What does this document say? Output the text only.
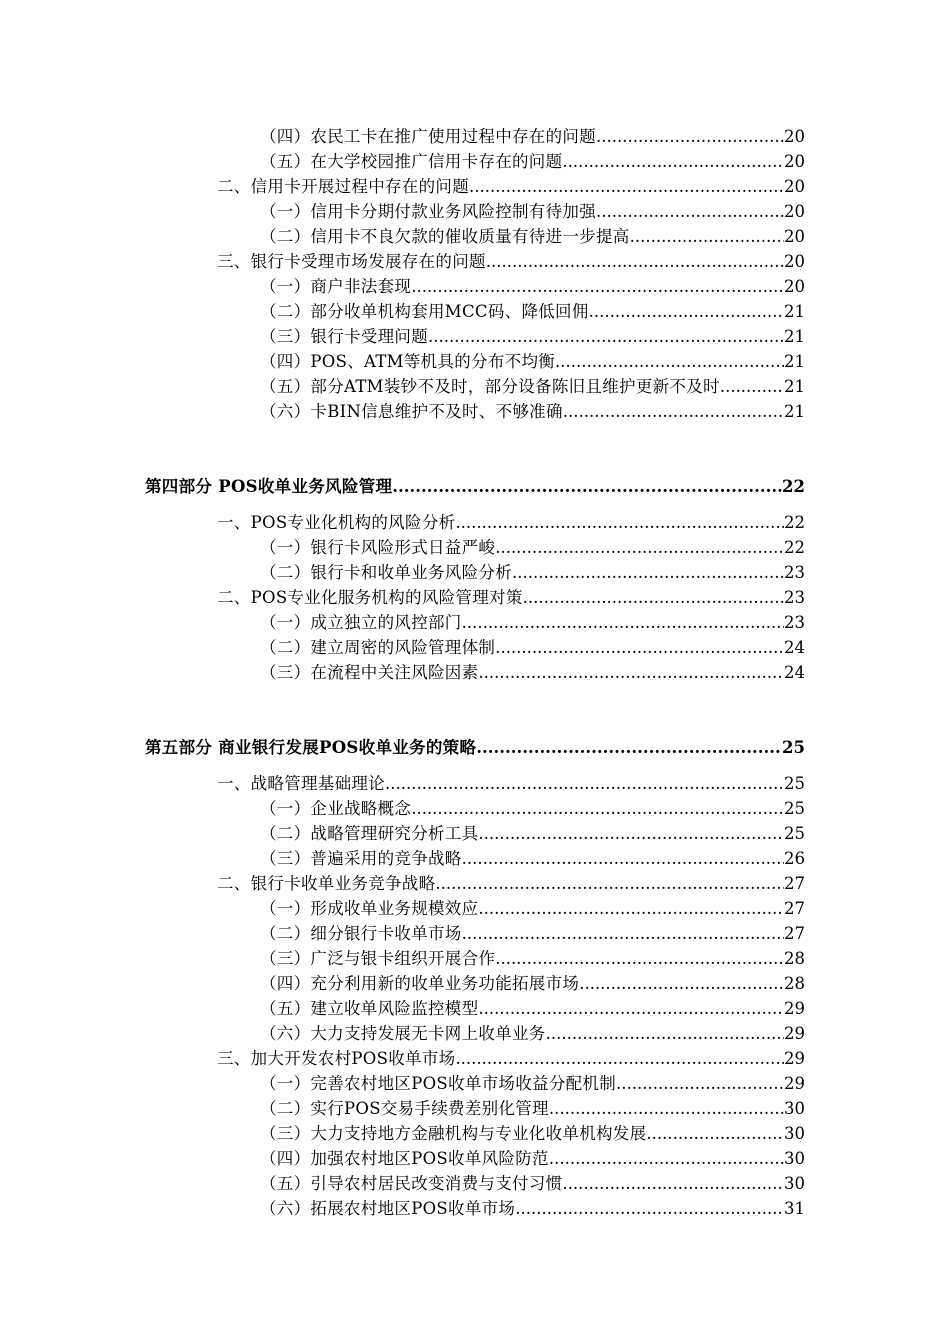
（四）农民工卡在推广使用过程中存在的问题 .....	20
（五）在大学校园推广信用卡存在的问题 .....	20
二、信用卡开展过程中存在的问题 .....	20
（一）信用卡分期付款业务风险控制有待加强 .....	20
（二）信用卡不良欠款的催收质量有待进一步提高 .....	20
三、银行卡受理市场发展存在的问题 .....	20
（一）商户非法套现 .....	20
（二）部分收单机构套用MCC码、降低回佣 .....	21
（三）银行卡受理问题 .....	21
（四）POS、ATM等机具的分布不均衡 .....	21
（五）部分ATM装钞不及时，部分设备陈旧且维护更新不及时 .....	21
（六）卡BIN信息维护不及时、不够准确 .....	21
第四部分 POS收单业务风险管理 .....	22
一、POS专业化机构的风险分析 .....	22
（一）银行卡风险形式日益严峻 .....	22
（二）银行卡和收单业务风险分析 .....	23
二、POS专业化服务机构的风险管理对策 .....	23
（一）成立独立的风控部门 .....	23
（二）建立周密的风险管理体制 .....	24
（三）在流程中关注风险因素 .....	24
第五部分 商业银行发展POS收单业务的策略 .....	25
一、战略管理基础理论 .....	25
（一）企业战略概念 .....	25
（二）战略管理研究分析工具 .....	25
（三）普遍采用的竞争战略 .....	26
二、银行卡收单业务竞争战略 .....	27
（一）形成收单业务规模效应 .....	27
（二）细分银行卡收单市场 .....	27
（三）广泛与银卡组织开展合作 .....	28
（四）充分利用新的收单业务功能拓展市场 .....	28
（五）建立收单风险监控模型 .....	29
（六）大力支持发展无卡网上收单业务 .....	29
三、加大开发农村POS收单市场 .....	29
（一）完善农村地区POS收单市场收益分配机制 .....	29
（二）实行POS交易手续费差别化管理 .....	30
（三）大力支持地方金融机构与专业化收单机构发展 .....	30
（四）加强农村地区POS收单风险防范 .....	30
（五）引导农村居民改变消费与支付习惯 .....	30
（六）拓展农村地区POS收单市场 .....	31
